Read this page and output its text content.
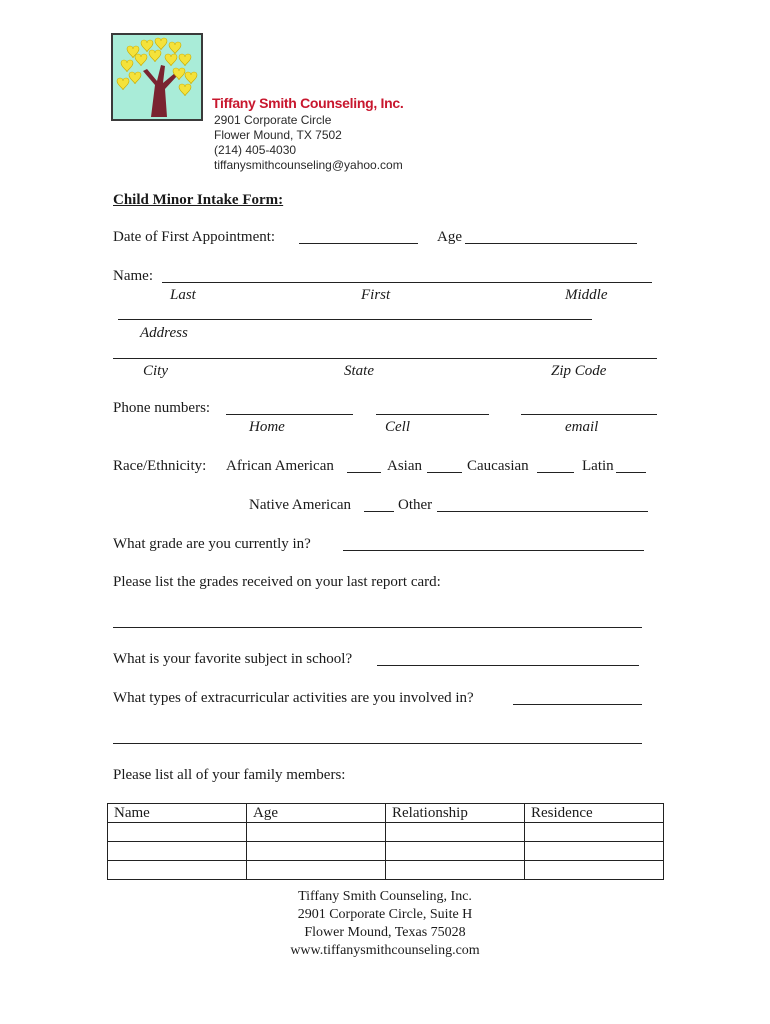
Tiffany Smith Counseling, Inc.
2901 Corporate Circle
Flower Mound, TX 7502
(214) 405-4030
tiffanysmithcounseling@yahoo.com
Child Minor Intake Form:
Date of First Appointment:	Age
Name:
Last	First	Middle
Address
City	State	Zip Code
Phone numbers:
Home	Cell	email
Race/Ethnicity: African American	Asian	Caucasian	Latin
Native American	Other
What grade are you currently in?
Please list the grades received on your last report card:
What is your favorite subject in school?
What types of extracurricular activities are you involved in?
Please list all of your family members:
Name	Age	Relationship	Residence

Tiffany Smith Counseling, Inc.
2901 Corporate Circle, Suite H
Flower Mound, Texas 75028
www.tiffanysmithcounseling.com
